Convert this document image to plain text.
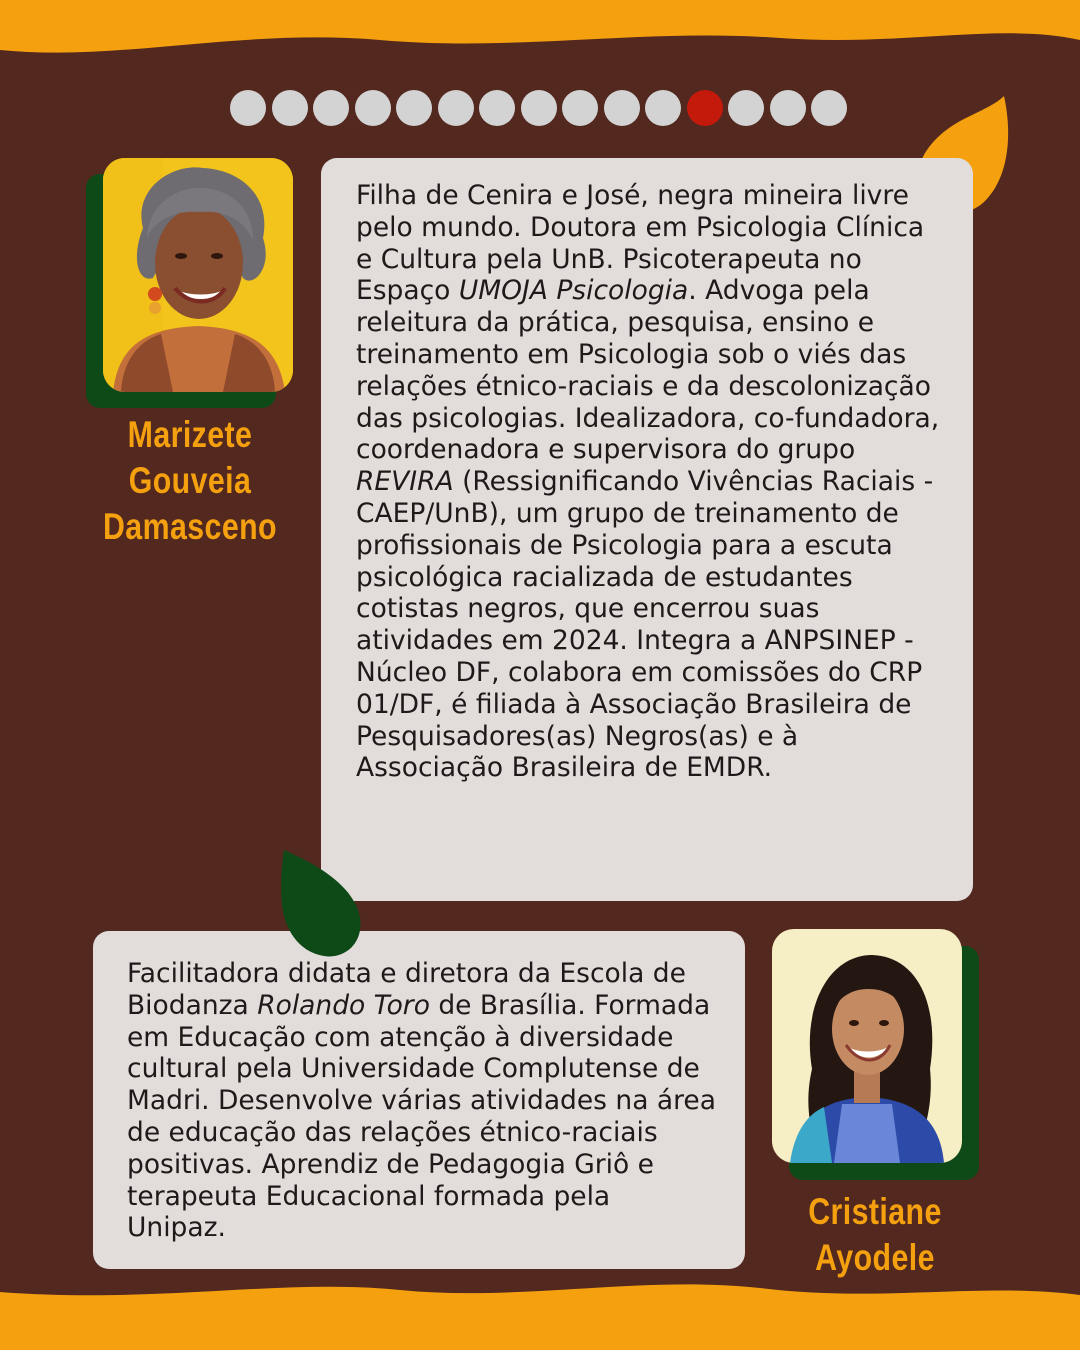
Marizete
Gouveia
Damasceno

Filha de Cenira e José, negra mineira livre pelo mundo. Doutora em Psicologia Clínica e Cultura pela UnB. Psicoterapeuta no Espaço UMOJA Psicologia. Advoga pela releitura da prática, pesquisa, ensino e treinamento em Psicologia sob o viés das relações étnico-raciais e da descolonização das psicologias. Idealizadora, co-fundadora, coordenadora e supervisora do grupo REVIRA (Ressignificando Vivências Raciais - CAEP/UnB), um grupo de treinamento de profissionais de Psicologia para a escuta psicológica racializada de estudantes cotistas negros, que encerrou suas atividades em 2024. Integra a ANPSINEP - Núcleo DF, colabora em comissões do CRP 01/DF, é filiada à Associação Brasileira de Pesquisadores(as) Negros(as) e à Associação Brasileira de EMDR.

Facilitadora didata e diretora da Escola de Biodanza Rolando Toro de Brasília. Formada em Educação com atenção à diversidade cultural pela Universidade Complutense de Madri. Desenvolve várias atividades na área de educação das relações étnico-raciais positivas. Aprendiz de Pedagogia Griô e terapeuta Educacional formada pela Unipaz.	Cristiane
Ayodele
